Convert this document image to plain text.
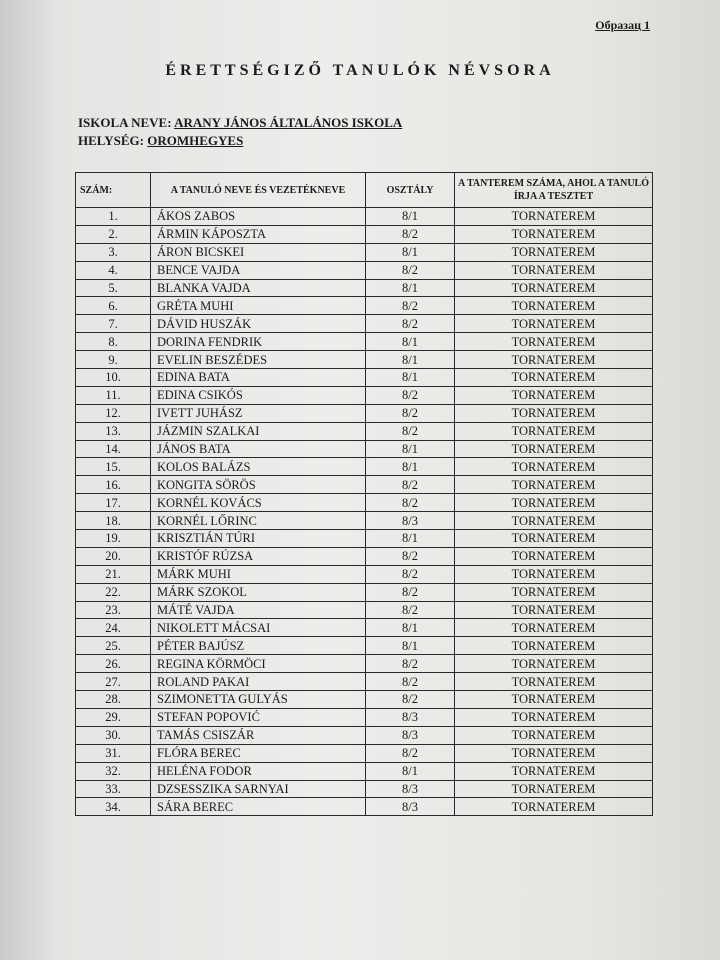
Образац 1
ÉRETTSÉGIZŐ TANULÓK NÉVSORA
ISKOLA NEVE: ARANY JÁNOS ÁLTALÁNOS ISKOLA
HELYSÉG: OROMHEGYES
SZÁM:	A TANULÓ NEVE ÉS VEZETÉKNEVE	OSZTÁLY	A TANTEREM SZÁMA, AHOL A TANULÓ ÍRJA A TESZTET
1.	ÁKOS ZABOS	8/1	TORNATEREM
2.	ÁRMIN KÁPOSZTA	8/2	TORNATEREM
3.	ÁRON BICSKEI	8/1	TORNATEREM
4.	BENCE VAJDA	8/2	TORNATEREM
5.	BLANKA VAJDA	8/1	TORNATEREM
6.	GRÉTA MUHI	8/2	TORNATEREM
7.	DÁVID HUSZÁK	8/2	TORNATEREM
8.	DORINA FENDRIK	8/1	TORNATEREM
9.	EVELIN BESZÉDES	8/1	TORNATEREM
10.	EDINA BATA	8/1	TORNATEREM
11.	EDINA CSIKÓS	8/2	TORNATEREM
12.	IVETT JUHÁSZ	8/2	TORNATEREM
13.	JÁZMIN SZALKAI	8/2	TORNATEREM
14.	JÁNOS BATA	8/1	TORNATEREM
15.	KOLOS BALÁZS	8/1	TORNATEREM
16.	KONGITA SÖRÖS	8/2	TORNATEREM
17.	KORNÉL KOVÁCS	8/2	TORNATEREM
18.	KORNÉL LŐRINC	8/3	TORNATEREM
19.	KRISZTIÁN TÚRI	8/1	TORNATEREM
20.	KRISTÓF RÚZSA	8/2	TORNATEREM
21.	MÁRK MUHI	8/2	TORNATEREM
22.	MÁRK SZOKOL	8/2	TORNATEREM
23.	MÁTÉ VAJDA	8/2	TORNATEREM
24.	NIKOLETT MÁCSAI	8/1	TORNATEREM
25.	PÉTER BAJÚSZ	8/1	TORNATEREM
26.	REGINA KÖRMÖCI	8/2	TORNATEREM
27.	ROLAND PAKAI	8/2	TORNATEREM
28.	SZIMONETTA GULYÁS	8/2	TORNATEREM
29.	STEFAN POPOVIĆ	8/3	TORNATEREM
30.	TAMÁS CSISZÁR	8/3	TORNATEREM
31.	FLÓRA BEREC	8/2	TORNATEREM
32.	HELÉNA FODOR	8/1	TORNATEREM
33.	DZSESSZIKA SARNYAI	8/3	TORNATEREM
34.	SÁRA BEREC	8/3	TORNATEREM
